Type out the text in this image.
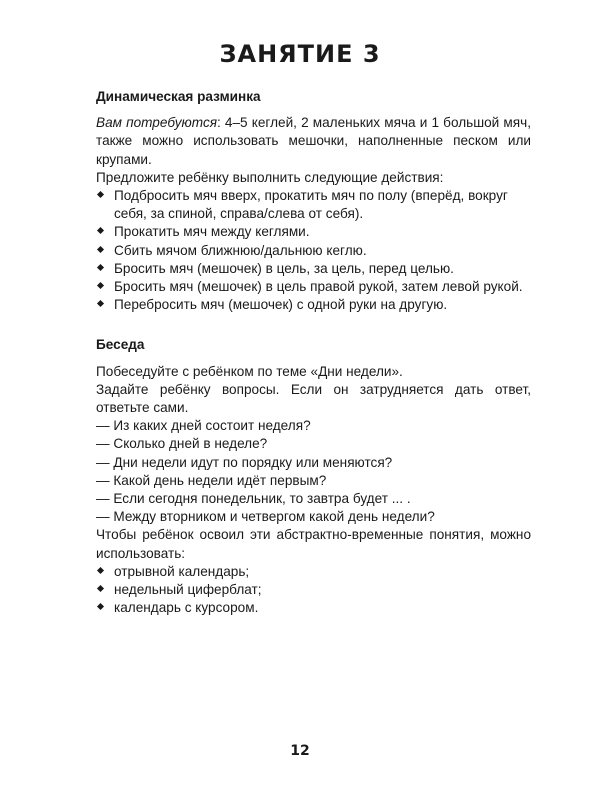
ЗАНЯТИЕ 3
Динамическая разминка

Вам потребуются: 4–5 кеглей, 2 маленьких мяча и 1 большой мяч, также можно использовать мешочки, наполненные песком или крупами.

Предложите ребёнку выполнить следующие действия:

Подбросить мяч вверх, прокатить мяч по полу (вперёд, вокруг себя, за спиной, справа/слева от себя).
Прокатить мяч между кеглями.
Сбить мячом ближнюю/дальнюю кеглю.
Бросить мяч (мешочек) в цель, за цель, перед целью.
Бросить мяч (мешочек) в цель правой рукой, затем левой рукой.
Перебросить мяч (мешочек) с одной руки на другую.
Беседа

Побеседуйте с ребёнком по теме «Дни недели».

Задайте ребёнку вопросы. Если он затрудняется дать ответ, ответьте сами.

— Из каких дней состоит неделя?

— Сколько дней в неделе?

— Дни недели идут по порядку или меняются?

— Какой день недели идёт первым?

— Если сегодня понедельник, то завтра будет ... .

— Между вторником и четвергом какой день недели?

Чтобы ребёнок освоил эти абстрактно-временные понятия, можно использовать:

отрывной календарь;
недельный циферблат;
календарь с курсором.
12
